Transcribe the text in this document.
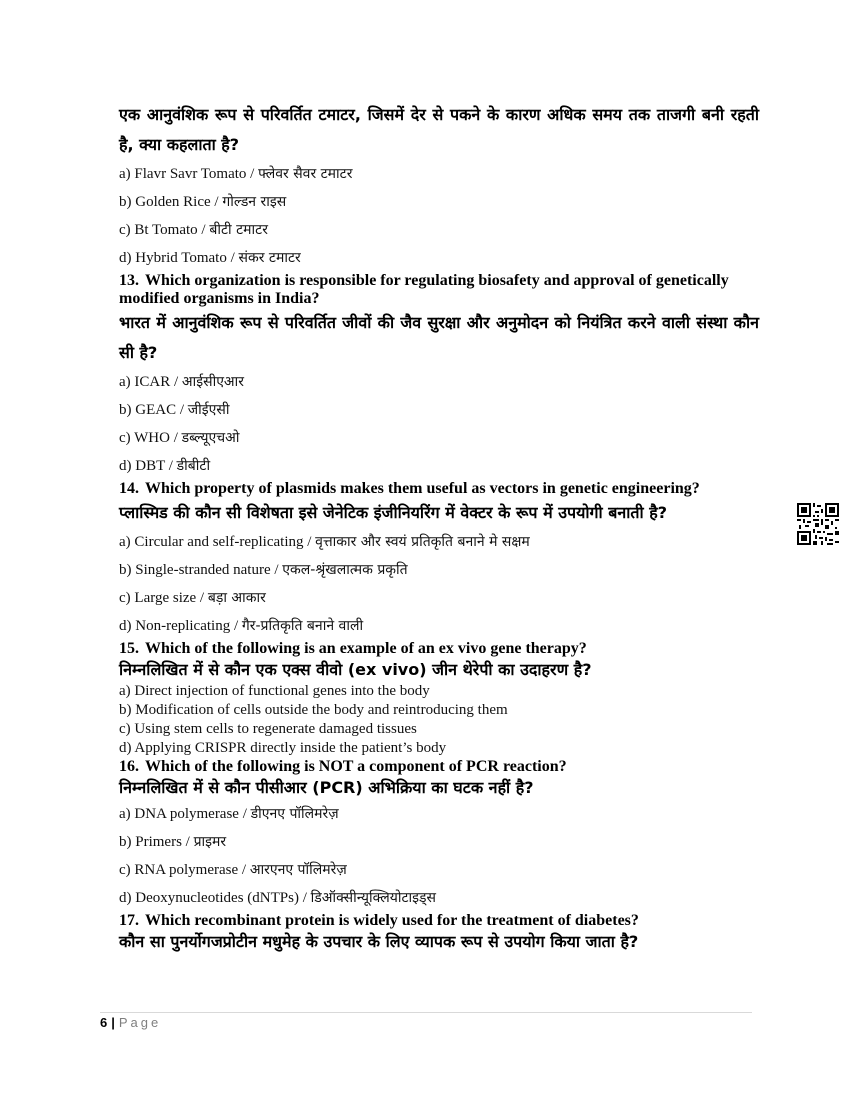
एक आनुवंशिक रूप से परिवर्तित टमाटर, जिसमें देर से पकने के कारण अधिक समय तक ताजगी बनी रहती है, क्या कहलाता है?

a) Flavr Savr Tomato / फ्लेवर सैवर टमाटर

b) Golden Rice / गोल्डन राइस

c) Bt Tomato / बीटी टमाटर

d) Hybrid Tomato / संकर टमाटर

13. Which organization is responsible for regulating biosafety and approval of genetically modified organisms in India?

भारत में आनुवंशिक रूप से परिवर्तित जीवों की जैव सुरक्षा और अनुमोदन को नियंत्रित करने वाली संस्था कौन सी है?

a) ICAR / आईसीएआर

b) GEAC / जीईएसी

c) WHO / डब्ल्यूएचओ

d) DBT / डीबीटी

14. Which property of plasmids makes them useful as vectors in genetic engineering?

प्लास्मिड की कौन सी विशेषता इसे जेनेटिक इंजीनियरिंग में वेक्टर के रूप में उपयोगी बनाती है?

a) Circular and self-replicating / वृत्ताकार और स्वयं प्रतिकृति बनाने मे सक्षम

b) Single-stranded nature / एकल-श्रृंखलात्मक प्रकृति

c) Large size / बड़ा आकार

d) Non-replicating / गैर-प्रतिकृति बनाने वाली

15. Which of the following is an example of an ex vivo gene therapy?

निम्नलिखित में से कौन एक एक्स वीवो (ex vivo) जीन थेरेपी का उदाहरण है?

a) Direct injection of functional genes into the body

b) Modification of cells outside the body and reintroducing them

c) Using stem cells to regenerate damaged tissues

d) Applying CRISPR directly inside the patient’s body

16. Which of the following is NOT a component of PCR reaction?

निम्नलिखित में से कौन पीसीआर (PCR) अभिक्रिया का घटक नहीं है?

a) DNA polymerase / डीएनए पॉलिमरेज़

b) Primers / प्राइमर

c) RNA polymerase / आरएनए पॉलिमरेज़

d) Deoxynucleotides (dNTPs) / डिऑक्सीन्यूक्लियोटाइड्स

17. Which recombinant protein is widely used for the treatment of diabetes?

कौन सा पुनर्योगजप्रोटीन मधुमेह के उपचार के लिए व्यापक रूप से उपयोग किया जाता है?

6 | Page
